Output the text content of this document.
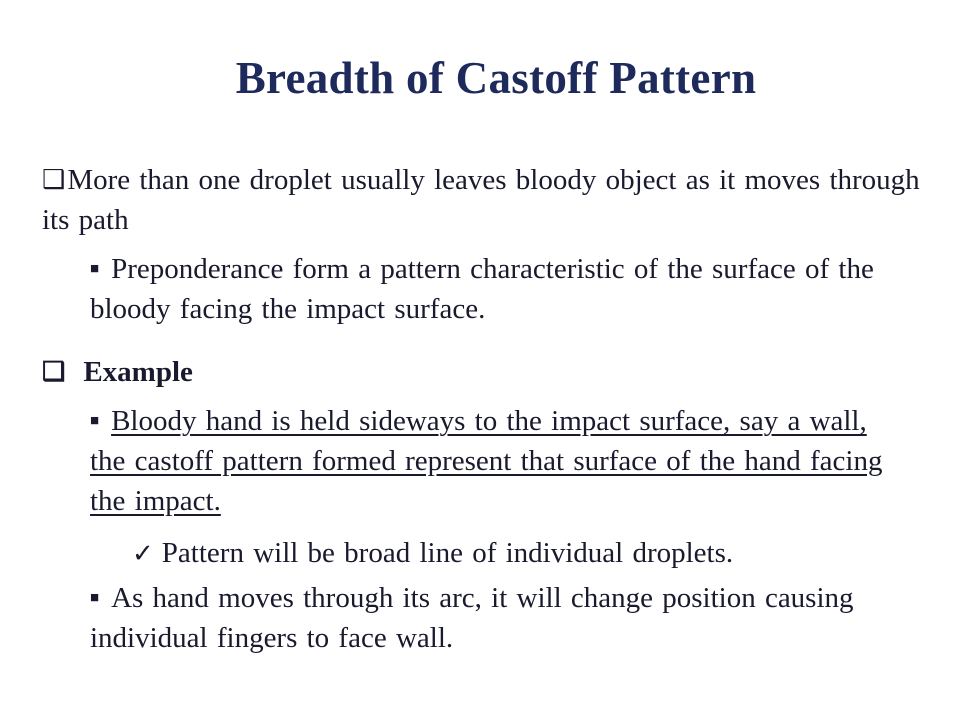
Breadth of Castoff Pattern
❑More than one droplet usually leaves bloody object as it moves through its path
■ Preponderance form a pattern characteristic of the surface of the bloody facing the impact surface.
❑ Example
■ Bloody hand is held sideways to the impact surface, say a wall, the castoff pattern formed represent that surface of the hand facing the impact.
✓ Pattern will be broad line of individual droplets.
■ As hand moves through its arc, it will change position causing individual fingers to face wall.
